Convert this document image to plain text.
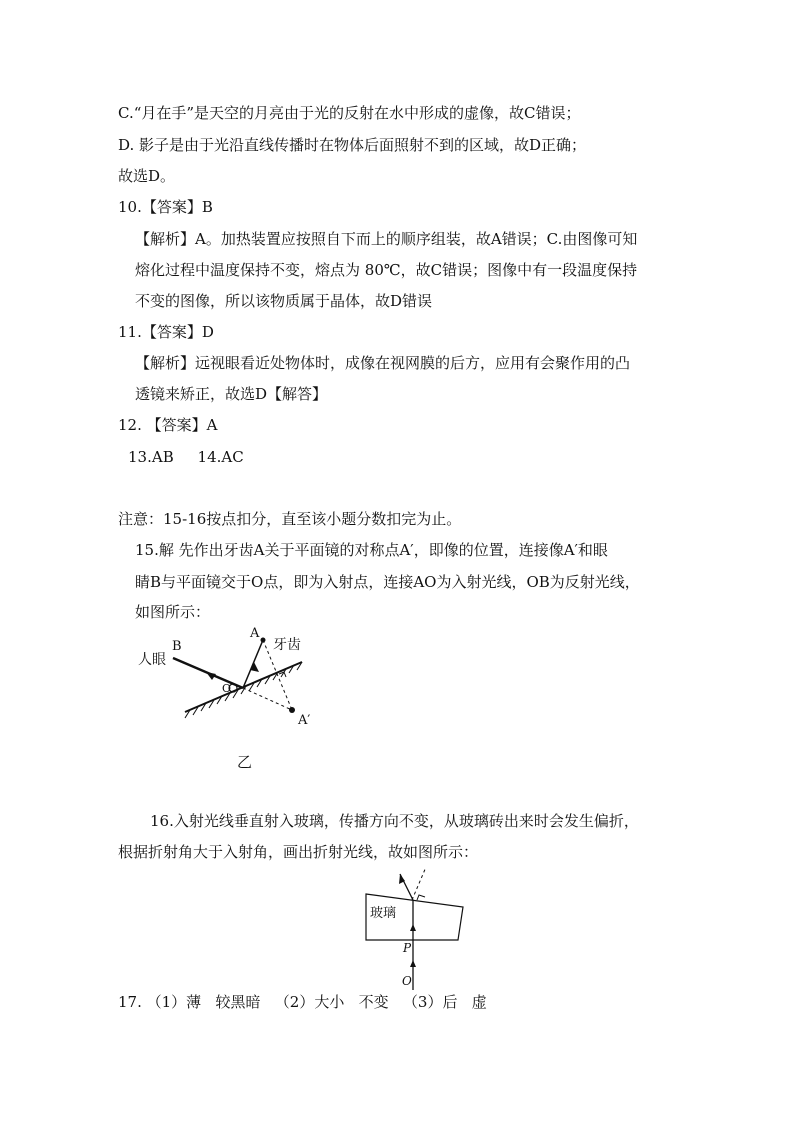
C.“月在手”是天空的月亮由于光的反射在水中形成的虚像，故C错误；
D. 影子是由于光沿直线传播时在物体后面照射不到的区域，故D正确；
故选D。
10.【答案】B
【解析】A。加热装置应按照自下而上的顺序组装，故A错误；C.由图像可知
熔化过程中温度保持不变，熔点为 80℃，故C错误；图像中有一段温度保持
不变的图像，所以该物质属于晶体，故D错误
11.【答案】D
【解析】远视眼看近处物体时，成像在视网膜的后方，应用有会聚作用的凸
透镜来矫正，故选D【解答】
12. 【答案】A
13.AB     14.AC
注意：15-16按点扣分，直至该小题分数扣完为止。
15.解 先作出牙齿A关于平面镜的对称点A′，即像的位置，连接像A′和眼
睛B与平面镜交于O点，即为入射点，连接AO为入射光线，OB为反射光线，
如图所示：
B
人眼
A
牙齿
O
A′
乙
16.入射光线垂直射入玻璃，传播方向不变，从玻璃砖出来时会发生偏折，
根据折射角大于入射角，画出折射光线，故如图所示：
玻璃
P
O
17. （1）薄   较黑暗   （2）大小   不变   （3）后   虚
